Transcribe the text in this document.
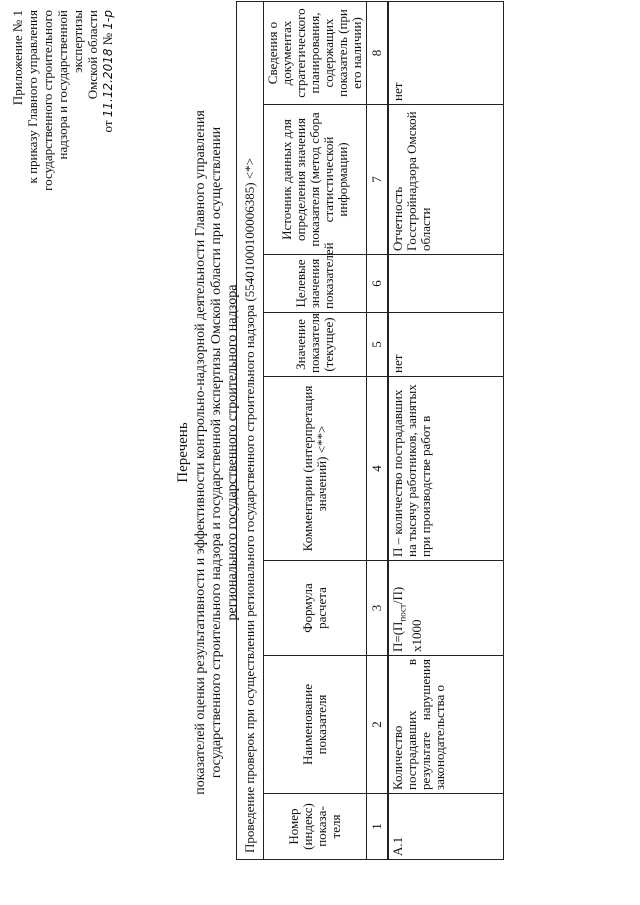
Приложение № 1 к приказу Главного управления государственного строительного надзора и государственной экспертизы Омской области
от 11.12.2018 № 1-р
Перечень показателей оценки результативности и эффективности контрольно-надзорной деятельности Главного управления государственного строительного надзора и государственной экспертизы Омской области при осуществлении регионального государственного строительного надзора Проведение проверок при осуществлении регионального государственного строительного надзора (55401000100006385) <*>							
Номер (индекс) показа-теля	Наименование показателя	Формула расчета	Комментарии (интерпретация значений) <**>	Значение показателя (текущее)	Целевые значения показателей	Источник данных для определения значения показателя (метод сбора статистической информации)	Сведения о документах стратегического планирования, содержащих показатель (при его наличии)
1	2	3	4	5	6	7	8
А.1	Количество пострадавших в результате нарушения законодательства о	$П=(П_{пост}/П)$ х1000	П – количество пострадавших на тысячу работников, занятых при производстве работ в	нет		Отчетность Госстройнадзора Омской области	нет
